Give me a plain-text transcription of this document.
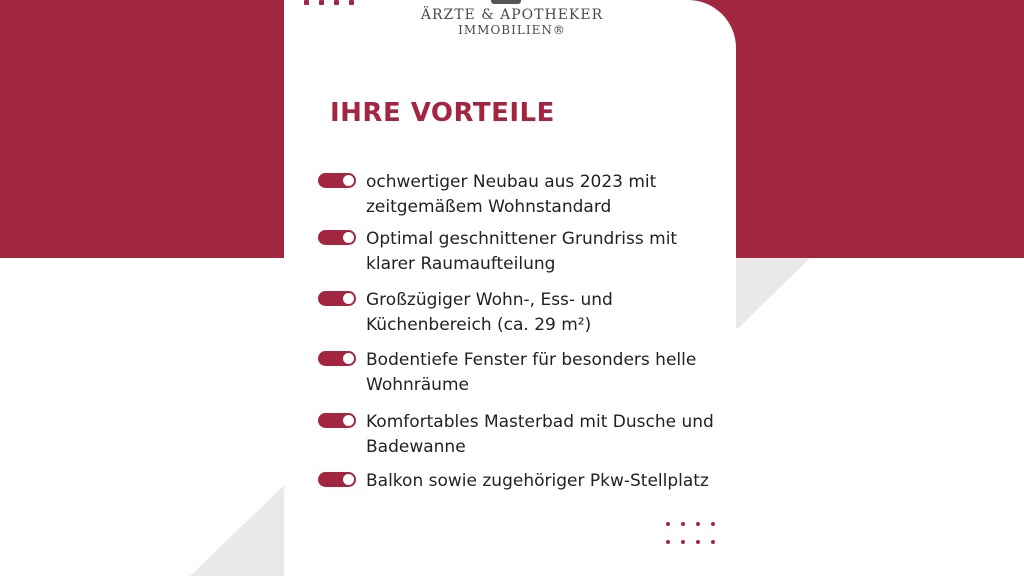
ÄRZTE & APOTHEKER
IMMOBILIEN®
IHRE VORTEILE
ochwertiger Neubau aus 2023 mit zeitgemäßem Wohnstandard
Optimal geschnittener Grundriss mit klarer Raumaufteilung
Großzügiger Wohn-, Ess- und Küchenbereich (ca. 29 m²)
Bodentiefe Fenster für besonders helle Wohnräume
Komfortables Masterbad mit Dusche und Badewanne
Balkon sowie zugehöriger Pkw-Stellplatz
